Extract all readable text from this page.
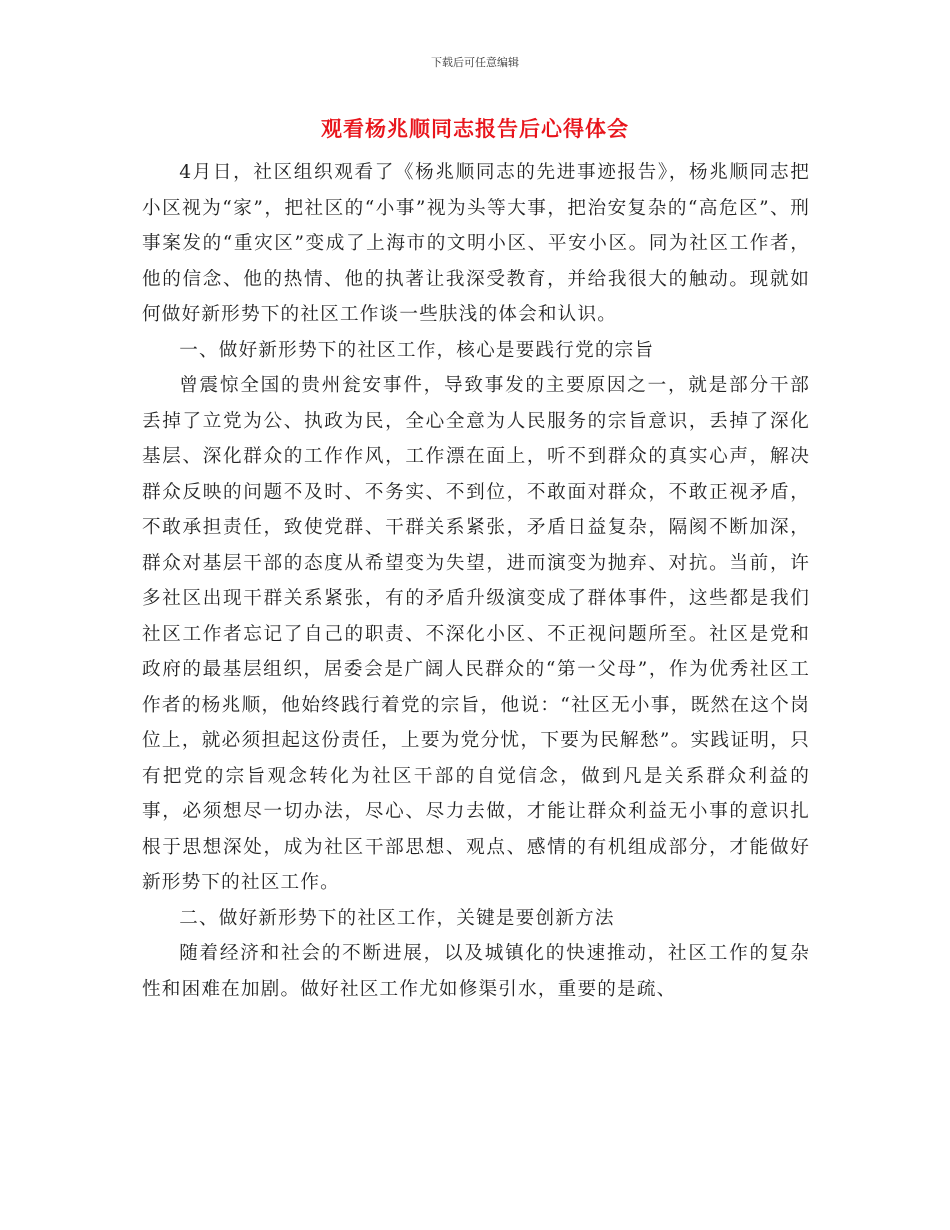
下载后可任意编辑
观看杨兆顺同志报告后心得体会

4月日，社区组织观看了《杨兆顺同志的先进事迹报告》，杨兆顺同志把小区视为“家”，把社区的“小事”视为头等大事，把治安复杂的“高危区”、刑事案发的“重灾区”变成了上海市的文明小区、平安小区。同为社区工作者，他的信念、他的热情、他的执著让我深受教育，并给我很大的触动。现就如何做好新形势下的社区工作谈一些肤浅的体会和认识。

一、做好新形势下的社区工作，核心是要践行党的宗旨

曾震惊全国的贵州瓮安事件，导致事发的主要原因之一，就是部分干部丢掉了立党为公、执政为民，全心全意为人民服务的宗旨意识，丢掉了深化基层、深化群众的工作作风，工作漂在面上，听不到群众的真实心声，解决群众反映的问题不及时、不务实、不到位，不敢面对群众，不敢正视矛盾，不敢承担责任，致使党群、干群关系紧张，矛盾日益复杂，隔阂不断加深，群众对基层干部的态度从希望变为失望，进而演变为抛弃、对抗。当前，许多社区出现干群关系紧张，有的矛盾升级演变成了群体事件，这些都是我们社区工作者忘记了自己的职责、不深化小区、不正视问题所至。社区是党和政府的最基层组织，居委会是广阔人民群众的“第一父母”，作为优秀社区工作者的杨兆顺，他始终践行着党的宗旨，他说：“社区无小事，既然在这个岗位上，就必须担起这份责任，上要为党分忧，下要为民解愁”。实践证明，只有把党的宗旨观念转化为社区干部的自觉信念，做到凡是关系群众利益的事，必须想尽一切办法，尽心、尽力去做，才能让群众利益无小事的意识扎根于思想深处，成为社区干部思想、观点、感情的有机组成部分，才能做好新形势下的社区工作。

二、做好新形势下的社区工作，关键是要创新方法

随着经济和社会的不断进展，以及城镇化的快速推动，社区工作的复杂性和困难在加剧。做好社区工作尤如修渠引水，重要的是疏、
